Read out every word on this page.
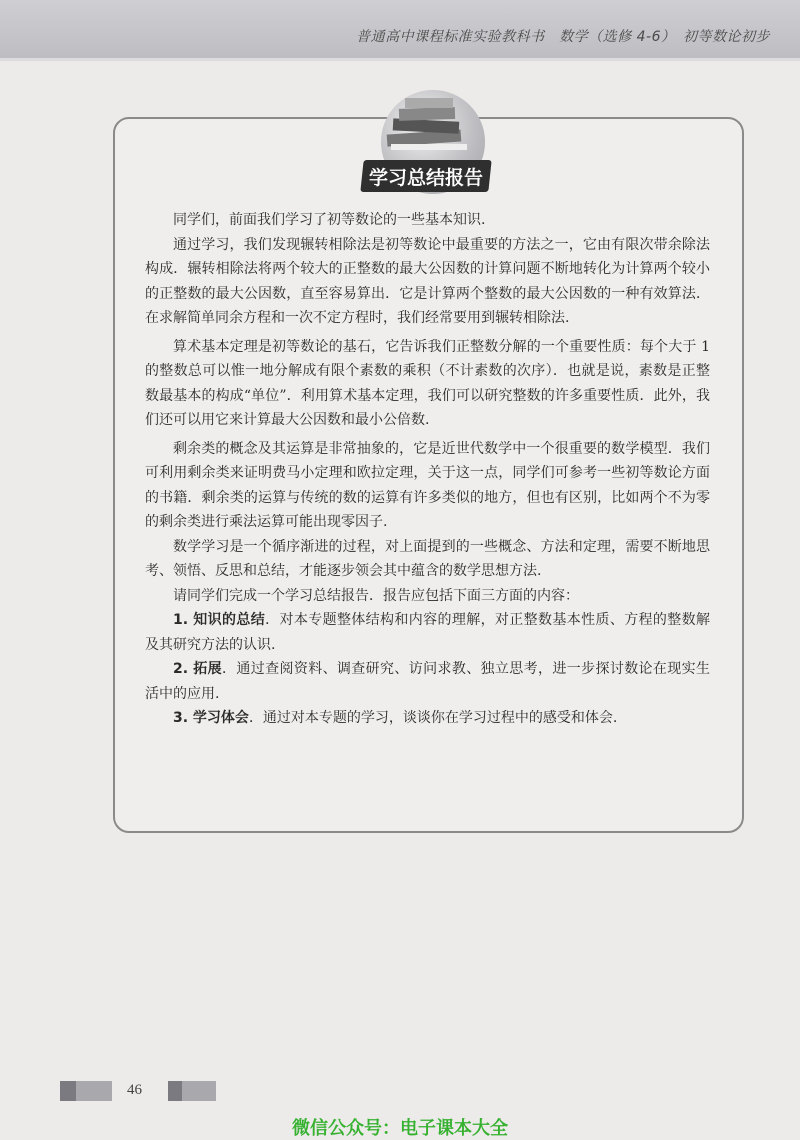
普通高中课程标准实验教科书　数学（选修 4-6）　初等数论初步
学习总结报告

同学们，前面我们学习了初等数论的一些基本知识.

通过学习，我们发现辗转相除法是初等数论中最重要的方法之一，它由有限次带余除法构成．辗转相除法将两个较大的正整数的最大公因数的计算问题不断地转化为计算两个较小的正整数的最大公因数，直至容易算出．它是计算两个整数的最大公因数的一种有效算法．在求解简单同余方程和一次不定方程时，我们经常要用到辗转相除法.

算术基本定理是初等数论的基石，它告诉我们正整数分解的一个重要性质：每个大于 1 的整数总可以惟一地分解成有限个素数的乘积（不计素数的次序）．也就是说，素数是正整数最基本的构成“单位”．利用算术基本定理，我们可以研究整数的许多重要性质．此外，我们还可以用它来计算最大公因数和最小公倍数.

剩余类的概念及其运算是非常抽象的，它是近世代数学中一个很重要的数学模型．我们可利用剩余类来证明费马小定理和欧拉定理，关于这一点，同学们可参考一些初等数论方面的书籍．剩余类的运算与传统的数的运算有许多类似的地方，但也有区别，比如两个不为零的剩余类进行乘法运算可能出现零因子.

数学学习是一个循序渐进的过程，对上面提到的一些概念、方法和定理，需要不断地思考、领悟、反思和总结，才能逐步领会其中蕴含的数学思想方法.

请同学们完成一个学习总结报告．报告应包括下面三方面的内容：

1. 知识的总结．对本专题整体结构和内容的理解，对正整数基本性质、方程的整数解及其研究方法的认识.

2. 拓展．通过查阅资料、调查研究、访问求教、独立思考，进一步探讨数论在现实生活中的应用.

3. 学习体会．通过对本专题的学习，谈谈你在学习过程中的感受和体会.

46
微信公众号：电子课本大全
